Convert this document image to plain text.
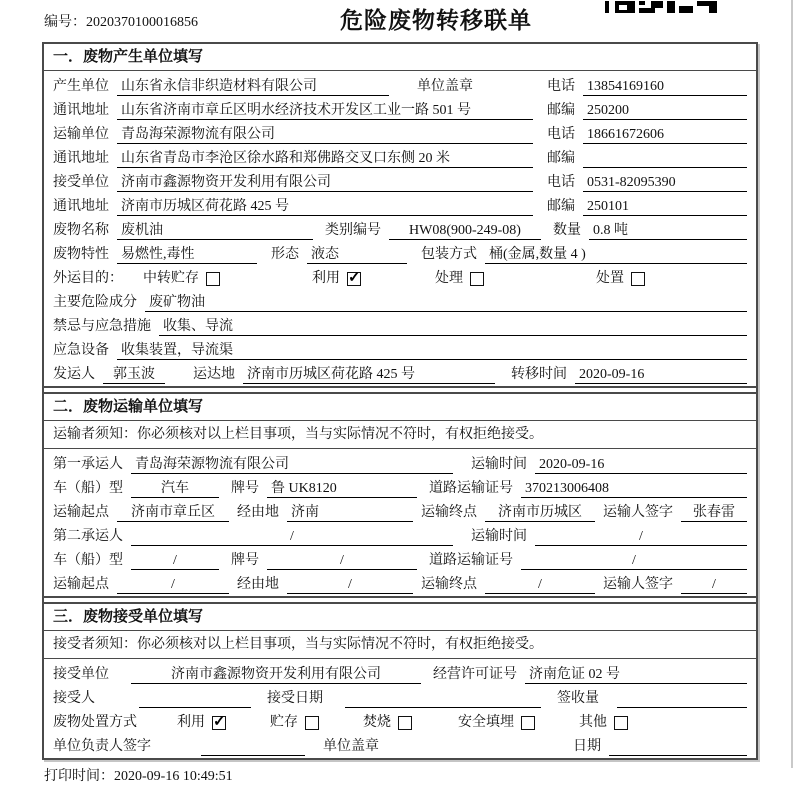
编号：2020370100016856	危险废物转移联单
一．废物产生单位填写
产生单位 山东省永信非织造材料有限公司	单位盖章	电话 13854169160
通讯地址 山东省济南市章丘区明水经济技术开发区工业一路 501 号	邮编 250200
运输单位 青岛海荣源物流有限公司	电话 18661672606
通讯地址 山东省青岛市李沧区徐水路和郑佛路交叉口东侧 20 米	邮编
接受单位 济南市鑫源物资开发利用有限公司	电话 0531-82095390
通讯地址 济南市历城区荷花路 425 号	邮编 250101
废物名称 废机油	类别编号	HW08(900-249-08)	数量 0.8 吨
废物特性 易燃性,毒性	形态 液态	包装方式 桶(金属,数量 4 )
外运目的： 中转贮存	利用 ✓	处理	处置
主要危险成分 废矿物油
禁忌与应急措施 收集、导流
应急设备 收集装置，导流渠
发运人	郭玉波	运达地 济南市历城区荷花路 425 号	转移时间 2020-09-16
二．废物运输单位填写
运输者须知：你必须核对以上栏目事项，当与实际情况不符时，有权拒绝接受。
第一承运人 青岛海荣源物流有限公司	运输时间 2020-09-16
车（船）型	汽车	牌号 鲁 UK8120	道路运输证号 370213006408
运输起点	济南市章丘区	经由地 济南	运输终点	济南市历城区	运输人签字	张春雷
第二承运人	/	运输时间	/
车（船）型	/	牌号	/	道路运输证号	/
运输起点	/	经由地	/	运输终点	/	运输人签字	/
三．废物接受单位填写
接受者须知：你必须核对以上栏目事项，当与实际情况不符时，有权拒绝接受。
接受单位	济南市鑫源物资开发利用有限公司	经营许可证号 济南危证 02 号
接受人	接受日期	签收量
废物处置方式	利用 ✓	贮存	焚烧	安全填埋	其他
单位负责人签字	单位盖章	日期
打印时间：2020-09-16 10:49:51
